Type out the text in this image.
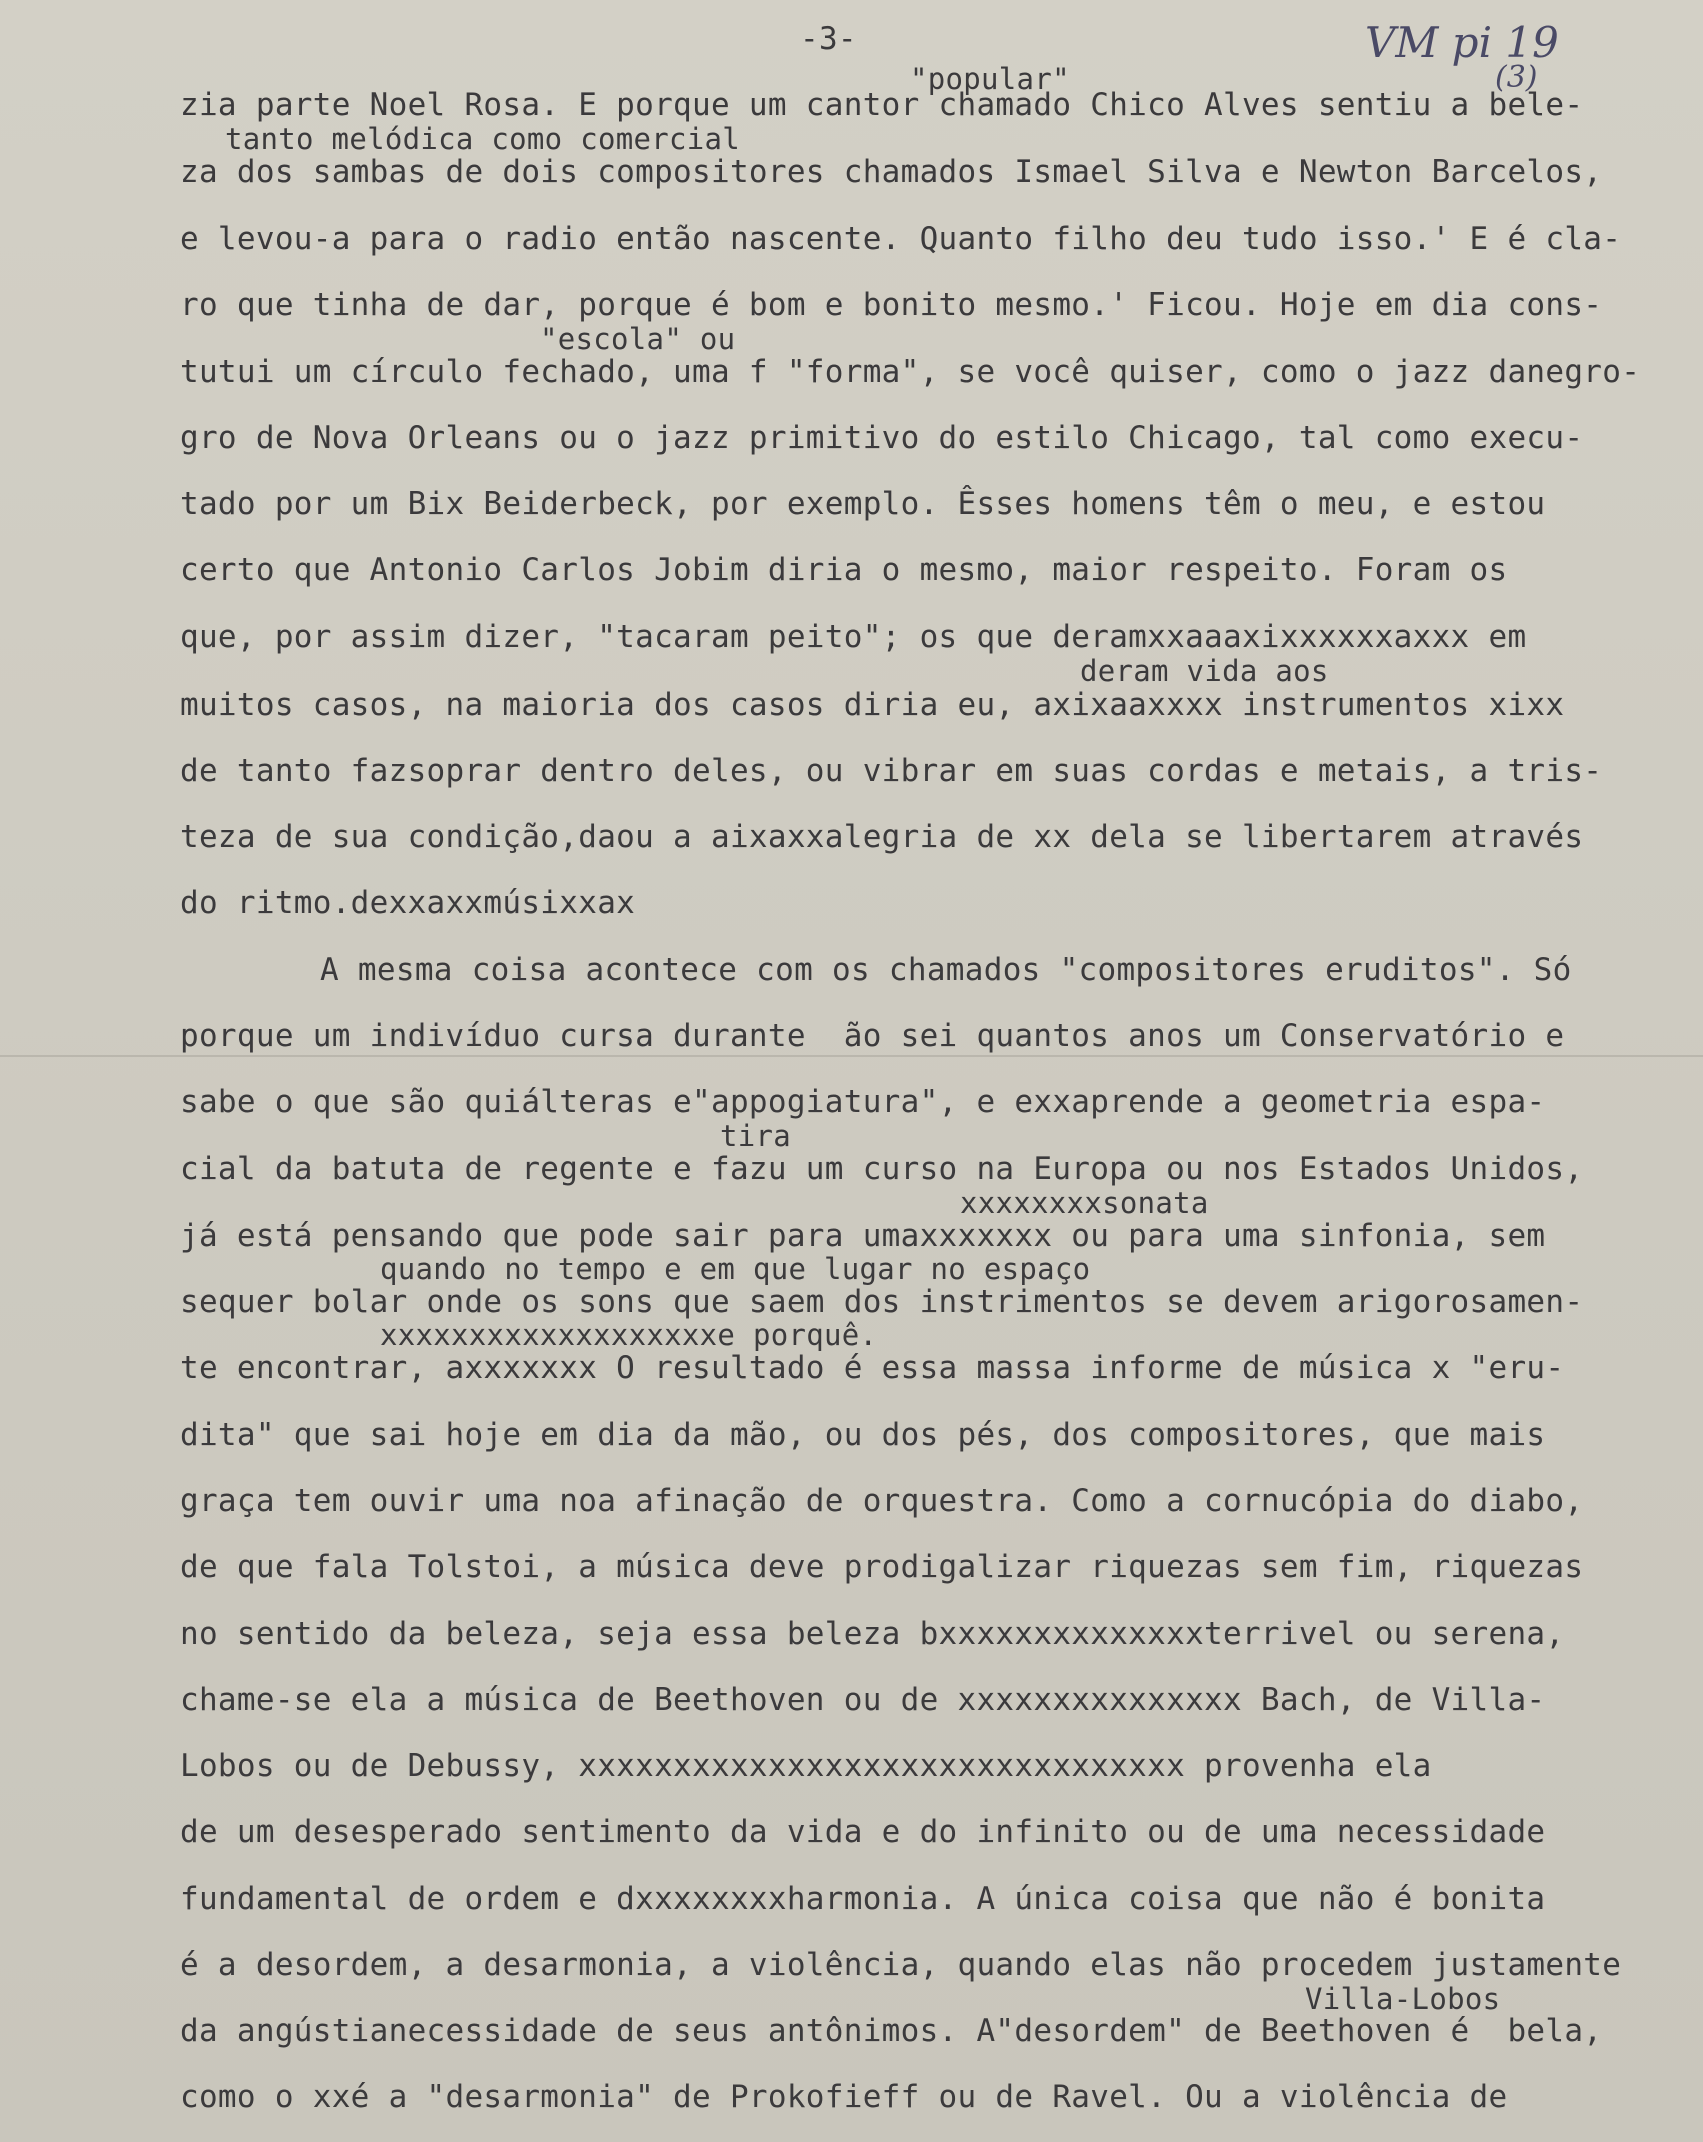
-3-	VM pi 19
(3)
"popular"
zia parte Noel Rosa. E porque um cantor chamado Chico Alves sentiu a bele-
tanto melódica como comercial
za dos sambas de dois compositores chamados Ismael Silva e Newton Barcelos,
e levou-a para o radio então nascente. Quanto filho deu tudo isso.' E é cla-
ro que tinha de dar, porque é bom e bonito mesmo.' Ficou. Hoje em dia cons-
"escola" ou
tutui um círculo fechado, uma f "forma", se você quiser, como o jazz danegro-
gro de Nova Orleans ou o jazz primitivo do estilo Chicago, tal como execu-
tado por um Bix Beiderbeck, por exemplo. Êsses homens têm o meu, e estou
certo que Antonio Carlos Jobim diria o mesmo, maior respeito. Foram os
que, por assim dizer, "tacaram peito"; os que deramxxaaaxixxxxxxaxxx em
deram vida aos
muitos casos, na maioria dos casos diria eu, axixaaxxxx instrumentos xixx
de tanto fazsoprar dentro deles, ou vibrar em suas cordas e metais, a tris-
teza de sua condição,daou a aixaxxalegria de xx dela se libertarem através
do ritmo.dexxaxxmúsixxax
A mesma coisa acontece com os chamados "compositores eruditos". Só
porque um indivíduo cursa durante  ão sei quantos anos um Conservatório e
sabe o que são quiálteras e"appogiatura", e exxaprende a geometria espa-
tira
cial da batuta de regente e fazu um curso na Europa ou nos Estados Unidos,
xxxxxxxxsonata
já está pensando que pode sair para umaxxxxxxx ou para uma sinfonia, sem
quando no tempo e em que lugar no espaço
sequer bolar onde os sons que saem dos instrimentos se devem arigorosamen-
xxxxxxxxxxxxxxxxxxxe porquê.
te encontrar, axxxxxxx O resultado é essa massa informe de música x "eru-
dita" que sai hoje em dia da mão, ou dos pés, dos compositores, que mais
graça tem ouvir uma noa afinação de orquestra. Como a cornucópia do diabo,
de que fala Tolstoi, a música deve prodigalizar riquezas sem fim, riquezas
no sentido da beleza, seja essa beleza bxxxxxxxxxxxxxxterrivel ou serena,
chame-se ela a música de Beethoven ou de xxxxxxxxxxxxxxx Bach, de Villa-
Lobos ou de Debussy, xxxxxxxxxxxxxxxxxxxxxxxxxxxxxxxx provenha ela
de um desesperado sentimento da vida e do infinito ou de uma necessidade
fundamental de ordem e dxxxxxxxxharmonia. A única coisa que não é bonita
é a desordem, a desarmonia, a violência, quando elas não procedem justamente
Villa-Lobos
da angústianecessidade de seus antônimos. A"desordem" de Beethoven é  bela,
como o xxé a "desarmonia" de Prokofieff ou de Ravel. Ou a violência de
